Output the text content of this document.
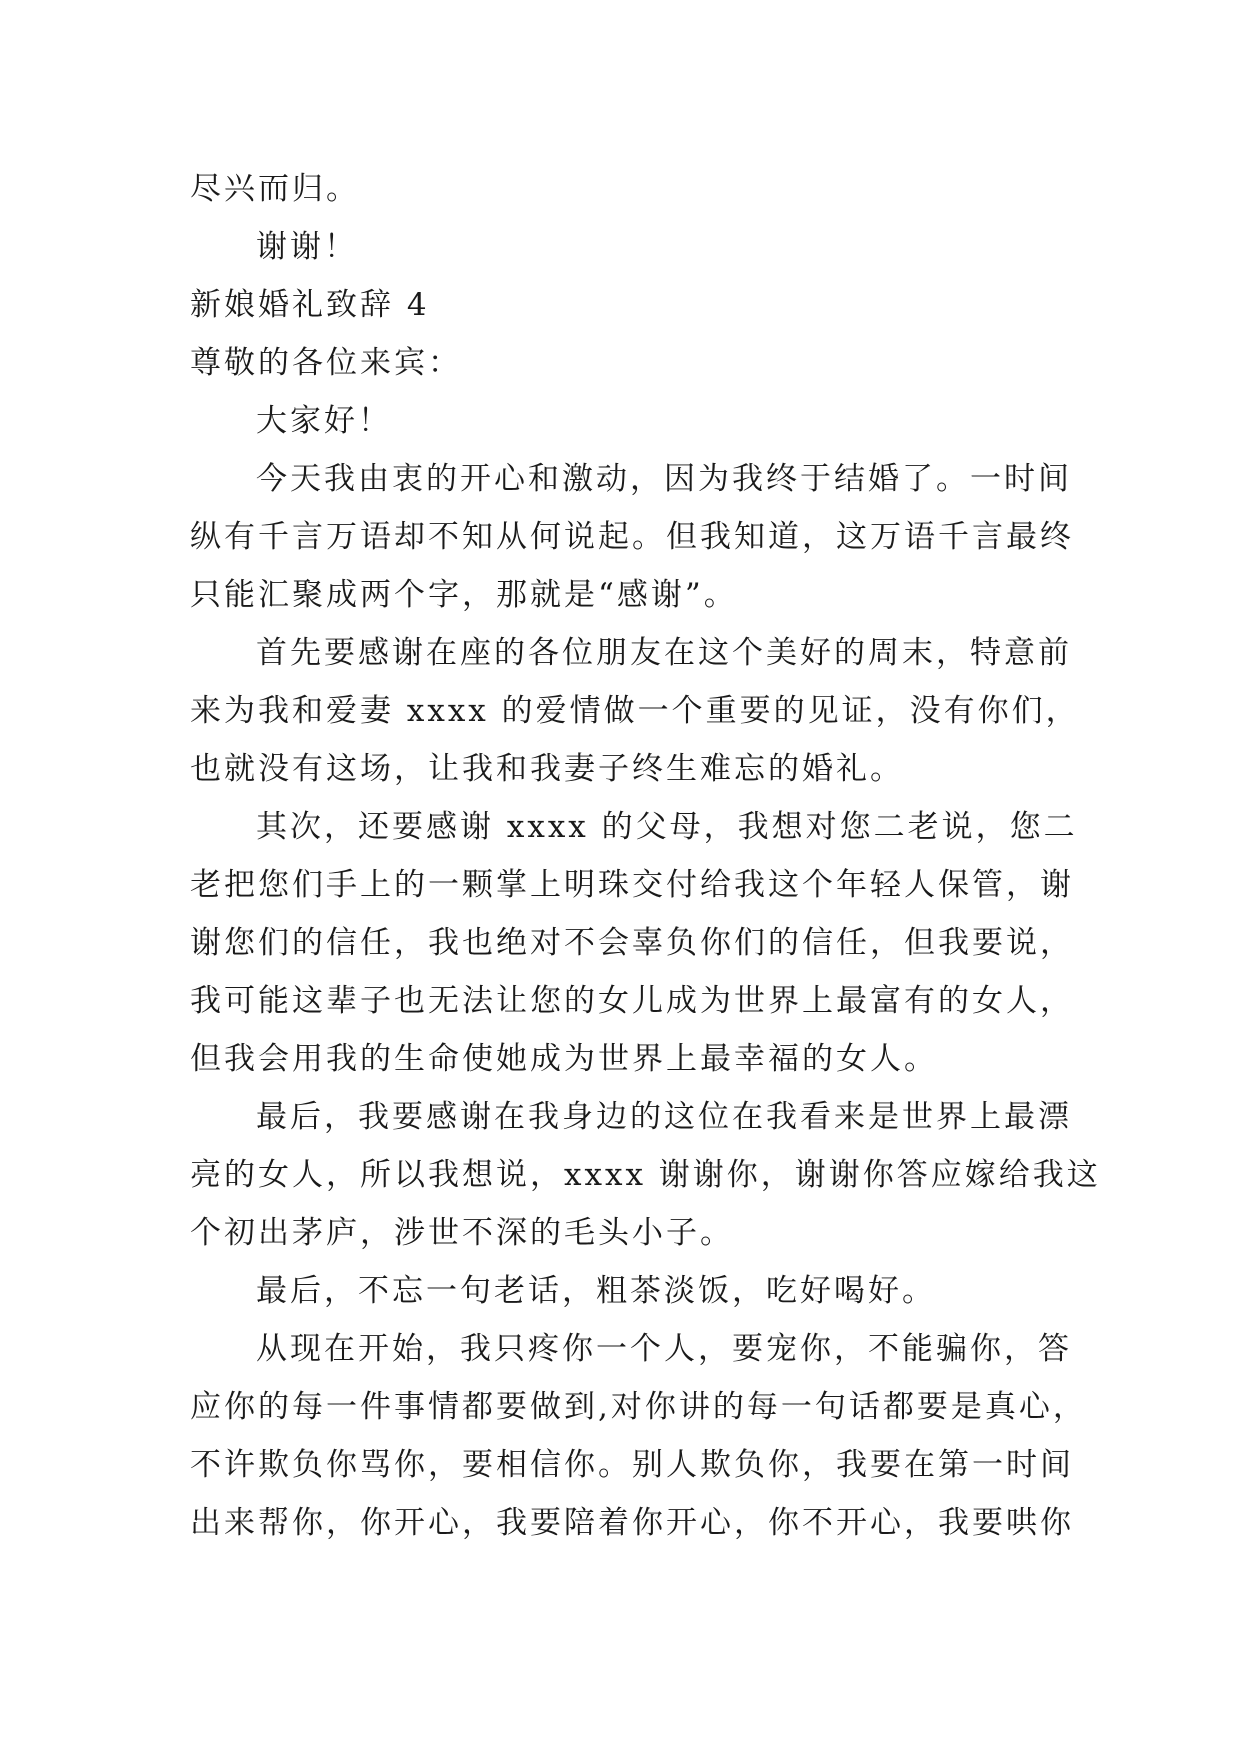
尽兴而归。
谢谢！
新娘婚礼致辞 4
尊敬的各位来宾：
大家好！
今天我由衷的开心和激动，因为我终于结婚了。一时间
纵有千言万语却不知从何说起。但我知道，这万语千言最终
只能汇聚成两个字，那就是“感谢”。
首先要感谢在座的各位朋友在这个美好的周末，特意前
来为我和爱妻 xxxx 的爱情做一个重要的见证，没有你们，
也就没有这场，让我和我妻子终生难忘的婚礼。
其次，还要感谢 xxxx 的父母，我想对您二老说，您二
老把您们手上的一颗掌上明珠交付给我这个年轻人保管，谢
谢您们的信任，我也绝对不会辜负你们的信任，但我要说，
我可能这辈子也无法让您的女儿成为世界上最富有的女人，
但我会用我的生命使她成为世界上最幸福的女人。
最后，我要感谢在我身边的这位在我看来是世界上最漂
亮的女人，所以我想说，xxxx 谢谢你，谢谢你答应嫁给我这
个初出茅庐，涉世不深的毛头小子。
最后，不忘一句老话，粗茶淡饭，吃好喝好。
从现在开始，我只疼你一个人，要宠你，不能骗你，答
应你的每一件事情都要做到,对你讲的每一句话都要是真心，
不许欺负你骂你，要相信你。别人欺负你，我要在第一时间
出来帮你，你开心，我要陪着你开心，你不开心，我要哄你
